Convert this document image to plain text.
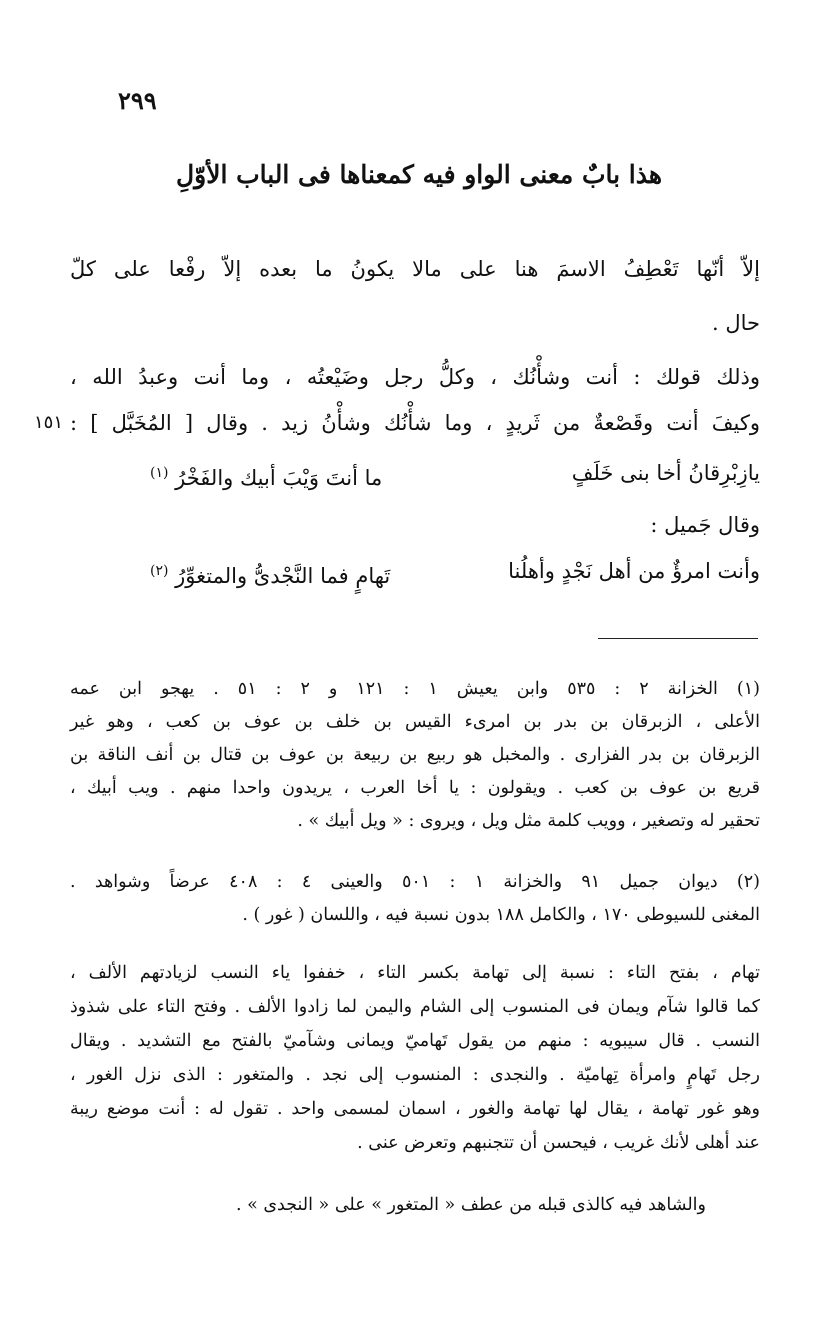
٢٩٩
هذا بابٌ معنى الواو فيه كمعناها فى الباب الأوّلِ
إلاّ أنّها تَعْطِفُ الاسمَ هنا على مالا يكونُ ما بعده إلاّ رفْعا على كلّ
حال .
وذلك قولك : أنت وشأْنُك ، وكلُّ رجل وضَيْعتُه ، وما أنت وعبدُ الله ،
وكيفَ أنت وقَصْعةٌ من ثَريدٍ ، وما شأْنُك وشأْنُ زيد . وقال [ المُخَبَّل ] :
١٥١
يازِبْرِقانُ أخا بنى خَلَفٍ
ما أنتَ وَيْبَ أبيك والفَخْرُ $^{(١)}$
وقال جَميل :
وأنت امرؤٌ من أهل نَجْدٍ وأهلُنا
تَهامٍ فما النَّجْدىُّ والمتغوِّرُ $^{(٢)}$
(١) الخزانة ٢ : ٥٣٥ وابن يعيش ١ : ١٢١ و ٢ : ٥١ . يهجو ابن عمه
الأعلى ، الزبرقان بن بدر بن امرىء القيس بن خلف بن عوف بن كعب ، وهو غير
الزبرقان بن بدر الفزارى . والمخبل هو ربيع بن ربيعة بن عوف بن قتال بن أنف الناقة بن
قريع بن عوف بن كعب . ويقولون : يا أخا العرب ، يريدون واحدا منهم . ويب أبيك ،
تحقير له وتصغير ، وويب كلمة مثل ويل ، ويروى : « ويل أبيك » .
(٢) ديوان جميل ٩١ والخزانة ١ : ٥٠١ والعينى ٤ : ٤٠٨ عرضاً وشواهد .
المغنى للسيوطى ١٧٠ ، والكامل ١٨٨ بدون نسبة فيه ، واللسان ( غور ) .
تهام ، بفتح التاء : نسبة إلى تهامة بكسر التاء ، خففوا ياء النسب لزيادتهم الألف ،
كما قالوا شآم ويمان فى المنسوب إلى الشام واليمن لما زادوا الألف . وفتح التاء على شذوذ
النسب . قال سيبويه : منهم من يقول تَهاميّ ويمانى وشآميّ بالفتح مع التشديد . ويقال
رجل تَهامٍ وامرأة تِهاميّة . والنجدى : المنسوب إلى نجد . والمتغور : الذى نزل الغور ،
وهو غور تهامة ، يقال لها تهامة والغور ، اسمان لمسمى واحد . تقول له : أنت موضع ريبة
عند أهلى لأنك غريب ، فيحسن أن تتجنبهم وتعرض عنى .
والشاهد فيه كالذى قبله من عطف « المتغور » على « النجدى » .
